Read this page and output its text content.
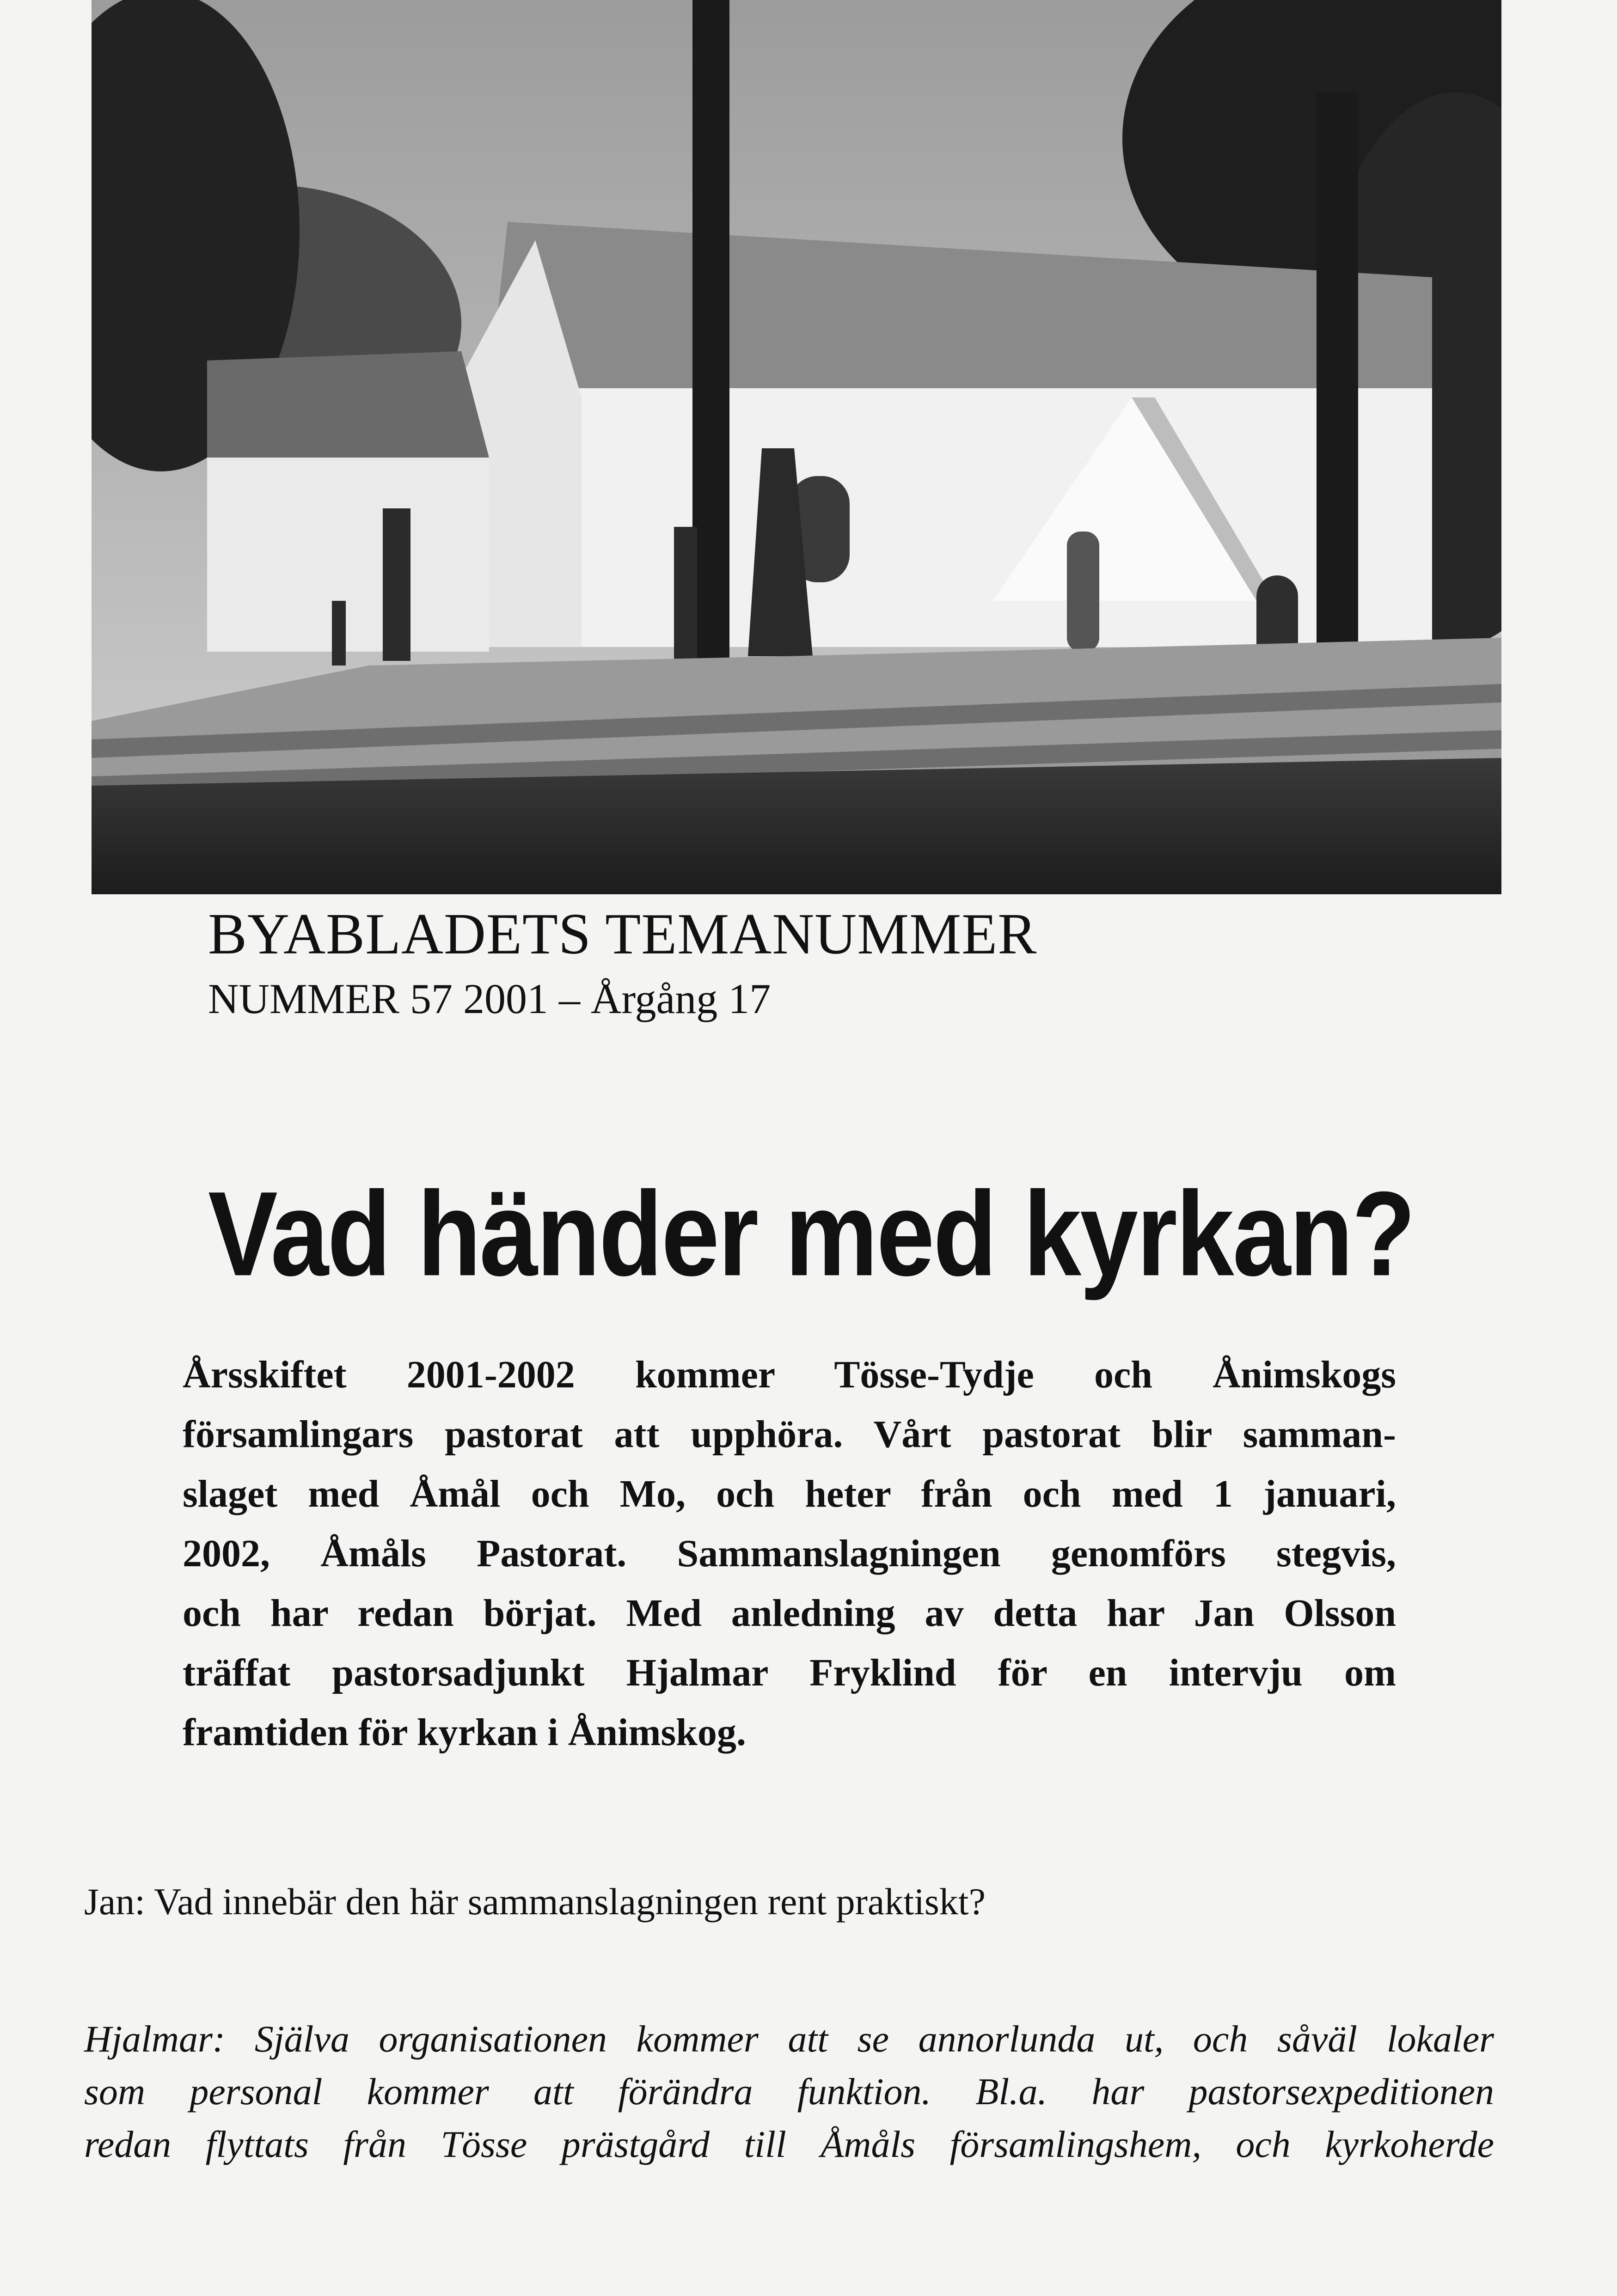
BYABLADETS TEMANUMMER
NUMMER 57 2001 – Årgång 17
Vad händer med kyrkan?
Årsskiftet 2001-2002 kommer Tösse-Tydje och Ånimskogs
församlingars pastorat att upphöra. Vårt pastorat blir samman-
slaget med Åmål och Mo, och heter från och med 1 januari,
2002, Åmåls Pastorat. Sammanslagningen genomförs stegvis,
och har redan börjat. Med anledning av detta har Jan Olsson
träffat pastorsadjunkt Hjalmar Fryklind för en intervju om
framtiden för kyrkan i Ånimskog.
Jan: Vad innebär den här sammanslagningen rent praktiskt?
Hjalmar: Själva organisationen kommer att se annorlunda ut, och såväl lokaler
som personal kommer att förändra funktion. Bl.a. har pastorsexpeditionen
redan flyttats från Tösse prästgård till Åmåls församlingshem, och kyrkoherde
